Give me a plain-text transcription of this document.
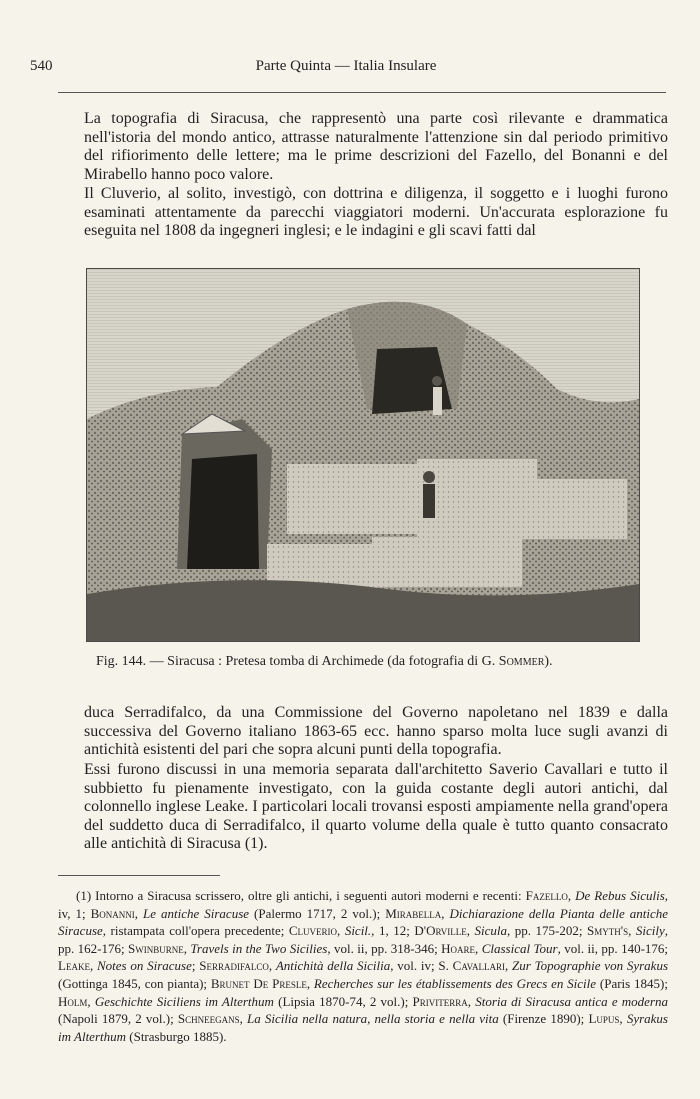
540	Parte Quinta — Italia Insulare

La topografia di Siracusa, che rappresentò una parte così rilevante e drammatica nell'istoria del mondo antico, attrasse naturalmente l'attenzione sin dal periodo primitivo del rifiorimento delle lettere; ma le prime descrizioni del Fazello, del Bonanni e del Mirabello hanno poco valore.

Il Cluverio, al solito, investigò, con dottrina e diligenza, il soggetto e i luoghi furono esaminati attentamente da parecchi viaggiatori moderni. Un'accurata esplorazione fu eseguita nel 1808 da ingegneri inglesi; e le indagini e gli scavi fatti dal

Fig. 144. — Siracusa : Pretesa tomba di Archimede (da fotografia di G. Sommer).

duca Serradifalco, da una Commissione del Governo napoletano nel 1839 e dalla successiva del Governo italiano 1863-65 ecc. hanno sparso molta luce sugli avanzi di antichità esistenti del pari che sopra alcuni punti della topografia.

Essi furono discussi in una memoria separata dall'architetto Saverio Cavallari e tutto il subbietto fu pienamente investigato, con la guida costante degli autori antichi, dal colonnello inglese Leake. I particolari locali trovansi esposti ampiamente nella grand'opera del suddetto duca di Serradifalco, il quarto volume della quale è tutto quanto consacrato alle antichità di Siracusa (1).

(1) Intorno a Siracusa scrissero, oltre gli antichi, i seguenti autori moderni e recenti: Fazello, De Rebus Siculis, iv, 1; Bonanni, Le antiche Siracuse (Palermo 1717, 2 vol.); Mirabella, Dichiarazione della Pianta delle antiche Siracuse, ristampata coll'opera precedente; Cluverio, Sicil., 1, 12; D'Orville, Sicula, pp. 175-202; Smyth's, Sicily, pp. 162-176; Swinburne, Travels in the Two Sicilies, vol. ii, pp. 318-346; Hoare, Classical Tour, vol. ii, pp. 140-176; Leake, Notes on Siracuse; Serradifalco, Antichità della Sicilia, vol. iv; S. Cavallari, Zur Topographie von Syrakus (Gottinga 1845, con pianta); Brunet De Presle, Recherches sur les établissements des Grecs en Sicile (Paris 1845); Holm, Geschichte Siciliens im Alterthum (Lipsia 1870-74, 2 vol.); Priviterra, Storia di Siracusa antica e moderna (Napoli 1879, 2 vol.); Schneegans, La Sicilia nella natura, nella storia e nella vita (Firenze 1890); Lupus, Syrakus im Alterthum (Strasburgo 1885).
